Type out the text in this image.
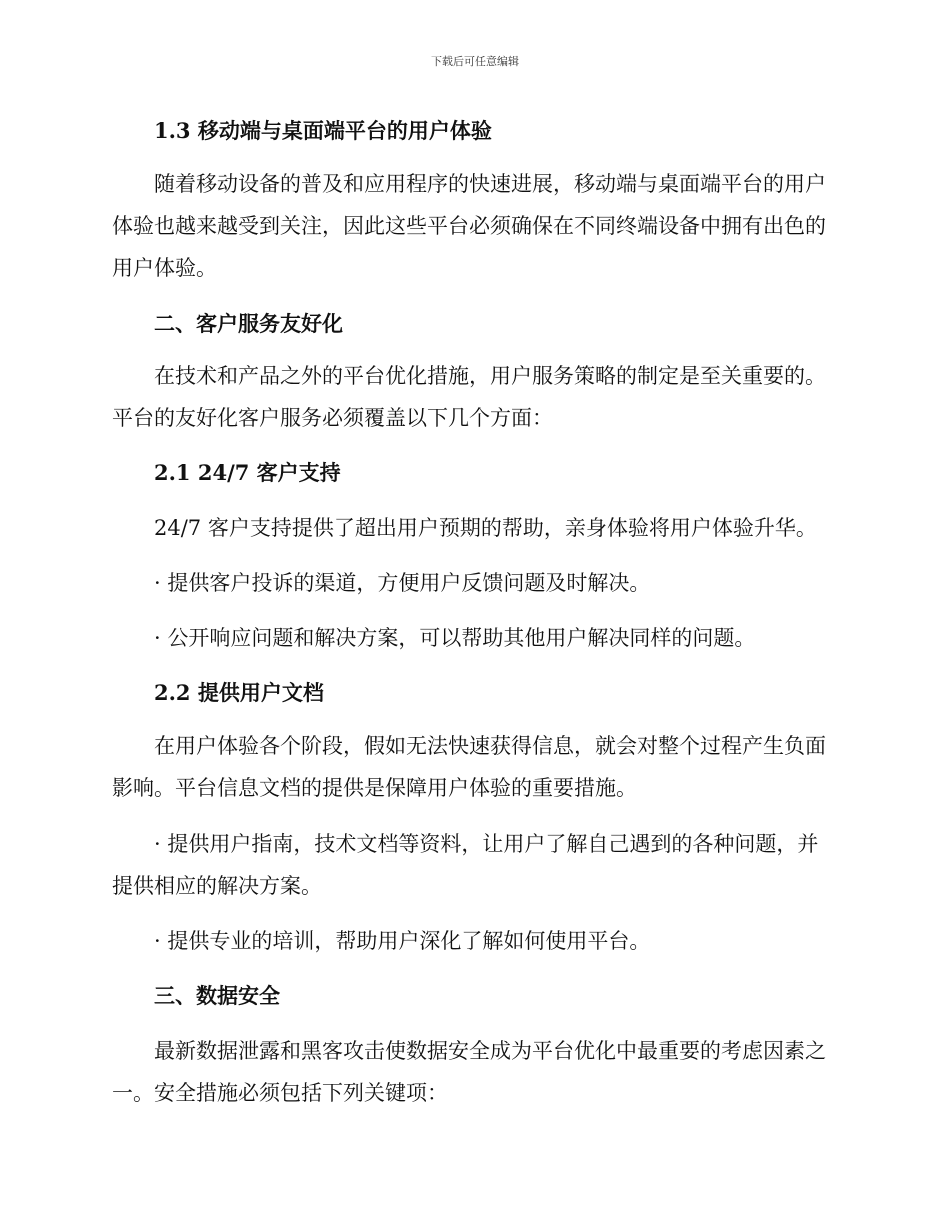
下载后可任意编辑
1.3 移动端与桌面端平台的用户体验

随着移动设备的普及和应用程序的快速进展，移动端与桌面端平台的用户体验也越来越受到关注，因此这些平台必须确保在不同终端设备中拥有出色的用户体验。

二、客户服务友好化

在技术和产品之外的平台优化措施，用户服务策略的制定是至关重要的。平台的友好化客户服务必须覆盖以下几个方面：

2.1 24/7 客户支持

24/7 客户支持提供了超出用户预期的帮助，亲身体验将用户体验升华。

· 提供客户投诉的渠道，方便用户反馈问题及时解决。

· 公开响应问题和解决方案，可以帮助其他用户解决同样的问题。

2.2 提供用户文档

在用户体验各个阶段，假如无法快速获得信息，就会对整个过程产生负面影响。平台信息文档的提供是保障用户体验的重要措施。

· 提供用户指南，技术文档等资料，让用户了解自己遇到的各种问题，并提供相应的解决方案。

· 提供专业的培训，帮助用户深化了解如何使用平台。

三、数据安全

最新数据泄露和黑客攻击使数据安全成为平台优化中最重要的考虑因素之一。安全措施必须包括下列关键项：
